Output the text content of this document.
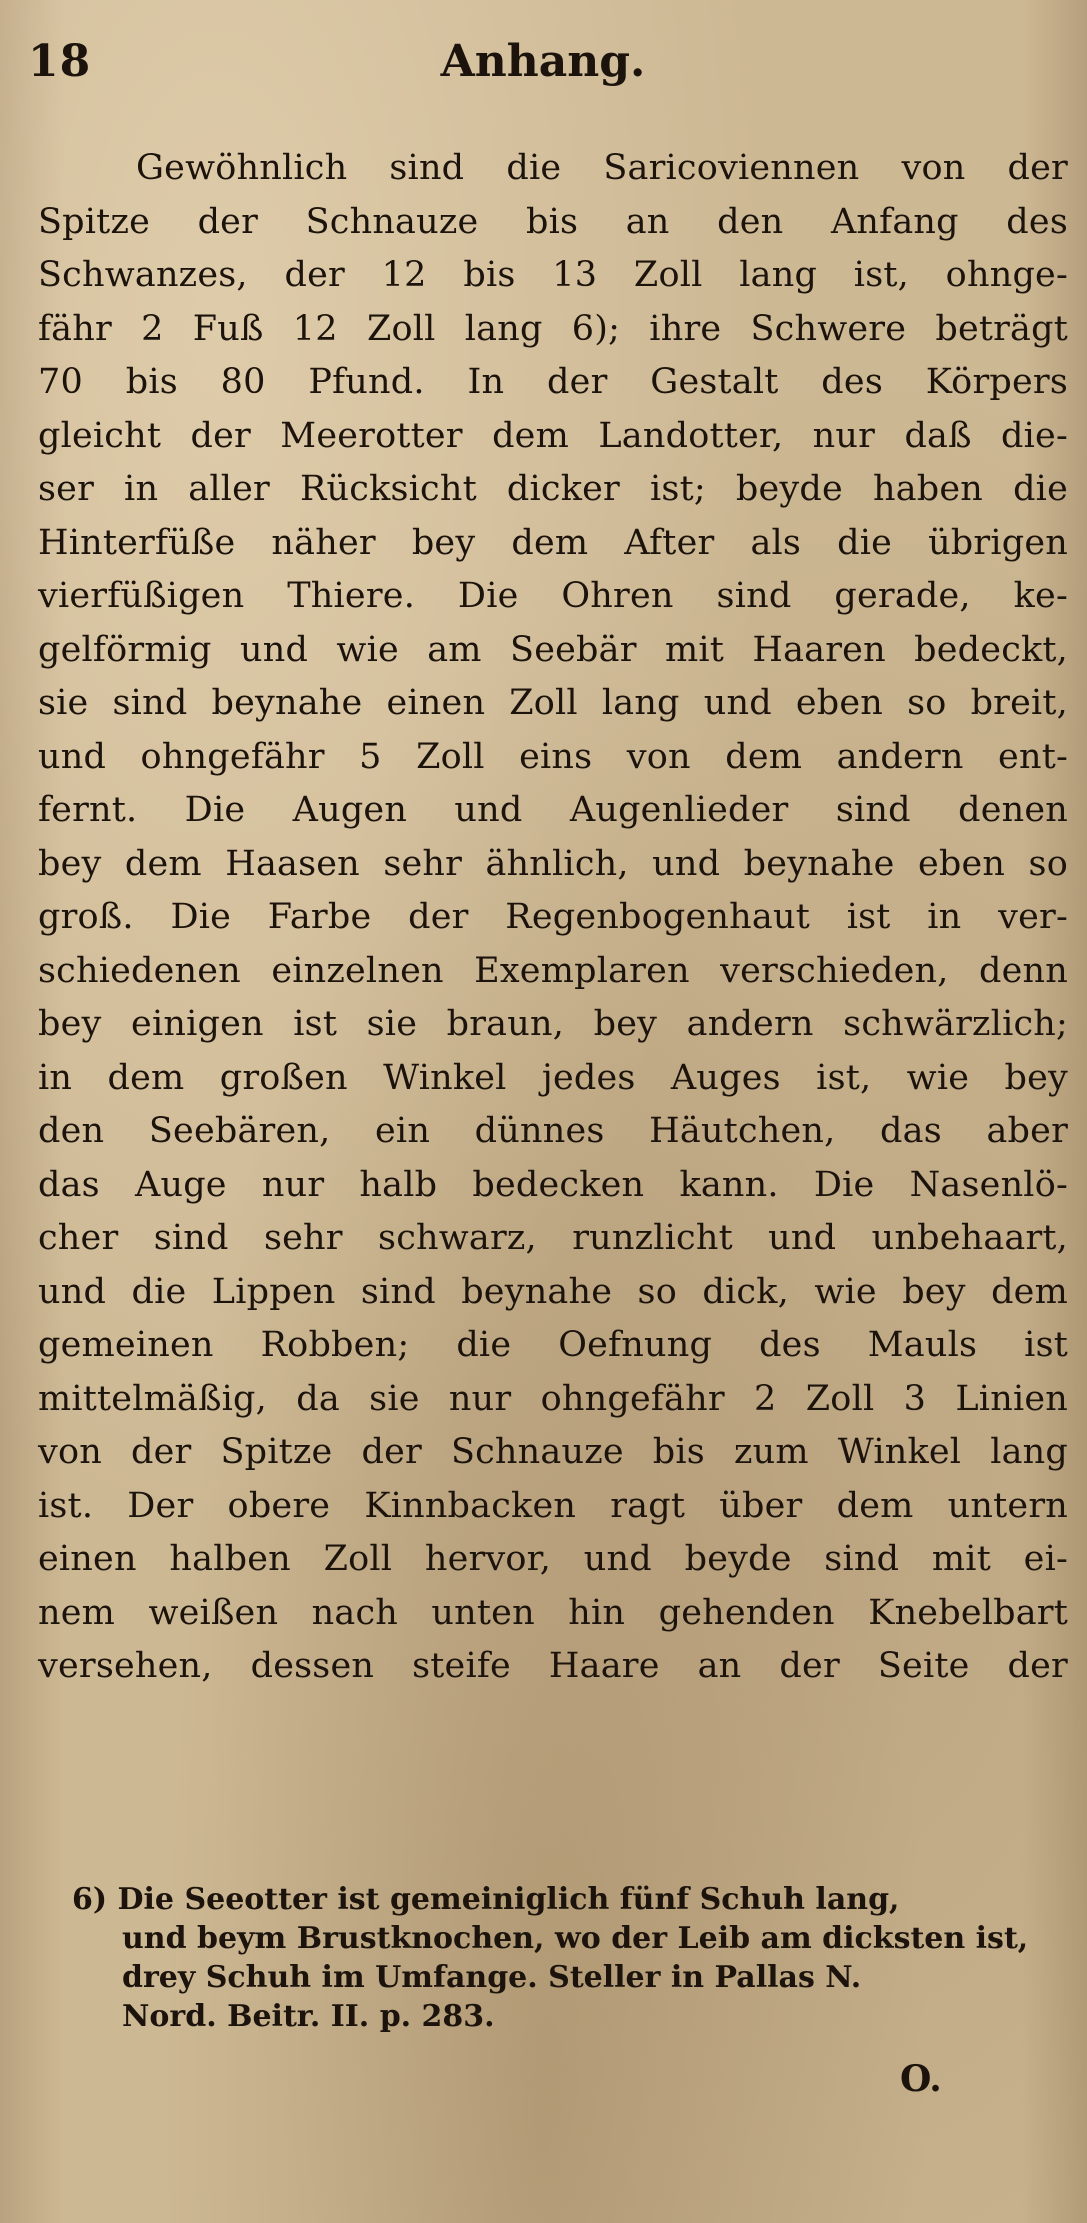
18	Anhang.
Gewöhnlich sind die Saricoviennen von der
Spitze der Schnauze bis an den Anfang des
Schwanzes, der 12 bis 13 Zoll lang ist, ohnge-
fähr 2 Fuß 12 Zoll lang 6); ihre Schwere beträgt
70 bis 80 Pfund. In der Gestalt des Körpers
gleicht der Meerotter dem Landotter, nur daß die-
ser in aller Rücksicht dicker ist; beyde haben die
Hinterfüße näher bey dem After als die übrigen
vierfüßigen Thiere. Die Ohren sind gerade, ke-
gelförmig und wie am Seebär mit Haaren bedeckt,
sie sind beynahe einen Zoll lang und eben so breit,
und ohngefähr 5 Zoll eins von dem andern ent-
fernt. Die Augen und Augenlieder sind denen
bey dem Haasen sehr ähnlich, und beynahe eben so
groß. Die Farbe der Regenbogenhaut ist in ver-
schiedenen einzelnen Exemplaren verschieden, denn
bey einigen ist sie braun, bey andern schwärzlich;
in dem großen Winkel jedes Auges ist, wie bey
den Seebären, ein dünnes Häutchen, das aber
das Auge nur halb bedecken kann. Die Nasenlö-
cher sind sehr schwarz, runzlicht und unbehaart,
und die Lippen sind beynahe so dick, wie bey dem
gemeinen Robben; die Oefnung des Mauls ist
mittelmäßig, da sie nur ohngefähr 2 Zoll 3 Linien
von der Spitze der Schnauze bis zum Winkel lang
ist. Der obere Kinnbacken ragt über dem untern
einen halben Zoll hervor, und beyde sind mit ei-
nem weißen nach unten hin gehenden Knebelbart
versehen, dessen steife Haare an der Seite der
6) Die Seeotter ist gemeiniglich fünf Schuh lang,
und beym Brustknochen, wo der Leib am dicksten ist,
drey Schuh im Umfange. Steller in Pallas N.
Nord. Beitr. II. p. 283.
O.
